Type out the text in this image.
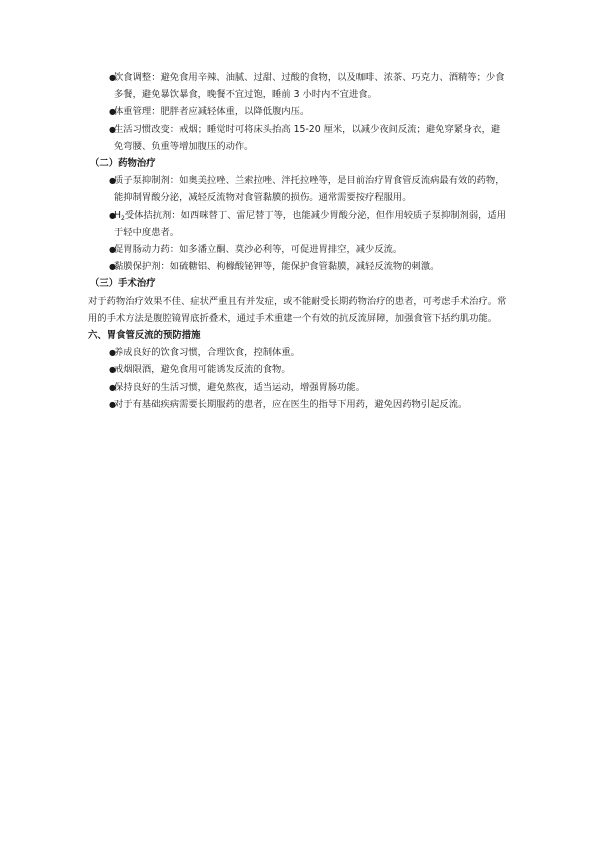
●
饮食调整：避免食用辛辣、油腻、过甜、过酸的食物，以及咖啡、浓茶、巧克力、酒精等；少食多餐，避免暴饮暴食，晚餐不宜过饱，睡前 3 小时内不宜进食。
●
体重管理：肥胖者应减轻体重，以降低腹内压。
●
生活习惯改变：戒烟；睡觉时可将床头抬高 15-20 厘米，以减少夜间反流；避免穿紧身衣，避免弯腰、负重等增加腹压的动作。
（二）药物治疗
●
质子泵抑制剂：如奥美拉唑、兰索拉唑、泮托拉唑等，是目前治疗胃食管反流病最有效的药物，能抑制胃酸分泌，减轻反流物对食管黏膜的损伤。通常需要按疗程服用。
●
$H_2$受体拮抗剂：如西咪替丁、雷尼替丁等，也能减少胃酸分泌，但作用较质子泵抑制剂弱，适用于轻中度患者。
●
促胃肠动力药：如多潘立酮、莫沙必利等，可促进胃排空，减少反流。
●
黏膜保护剂：如硫糖铝、枸橼酸铋钾等，能保护食管黏膜，减轻反流物的刺激。
（三）手术治疗

对于药物治疗效果不佳、症状严重且有并发症，或不能耐受长期药物治疗的患者，可考虑手术治疗。常用的手术方法是腹腔镜胃底折叠术，通过手术重建一个有效的抗反流屏障，加强食管下括约肌功能。

六、胃食管反流的预防措施
●
养成良好的饮食习惯，合理饮食，控制体重。
●
戒烟限酒，避免食用可能诱发反流的食物。
●
保持良好的生活习惯，避免熬夜，适当运动，增强胃肠功能。
●
对于有基础疾病需要长期服药的患者，应在医生的指导下用药，避免因药物引起反流。
